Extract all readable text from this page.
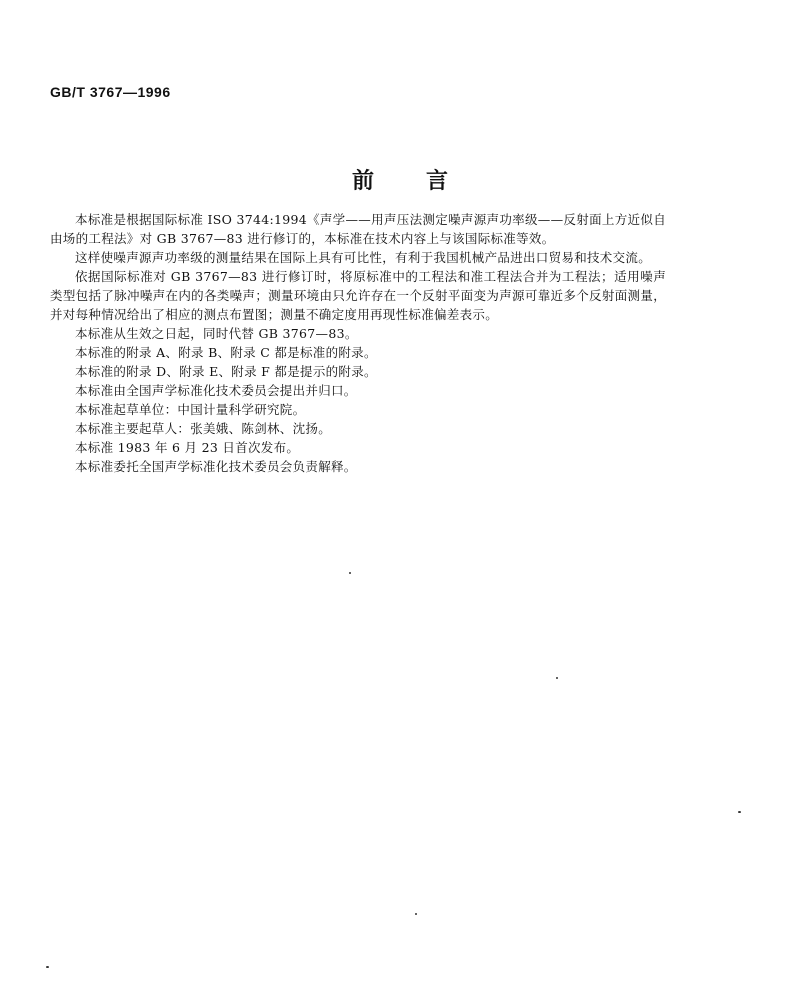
GB/T 3767—1996
前言

本标准是根据国际标准 ISO 3744:1994《声学——用声压法测定噪声源声功率级——反射面上方近似自由场的工程法》对 GB 3767—83 进行修订的，本标准在技术内容上与该国际标准等效。

这样使噪声源声功率级的测量结果在国际上具有可比性，有利于我国机械产品进出口贸易和技术交流。

依据国际标准对 GB 3767—83 进行修订时，将原标准中的工程法和准工程法合并为工程法；适用噪声类型包括了脉冲噪声在内的各类噪声；测量环境由只允许存在一个反射平面变为声源可靠近多个反射面测量，并对每种情况给出了相应的测点布置图；测量不确定度用再现性标准偏差表示。

本标准从生效之日起，同时代替 GB 3767—83。

本标准的附录 A、附录 B、附录 C 都是标准的附录。

本标准的附录 D、附录 E、附录 F 都是提示的附录。

本标准由全国声学标准化技术委员会提出并归口。

本标准起草单位：中国计量科学研究院。

本标准主要起草人：张美娥、陈剑林、沈扬。

本标准 1983 年 6 月 23 日首次发布。

本标准委托全国声学标准化技术委员会负责解释。
